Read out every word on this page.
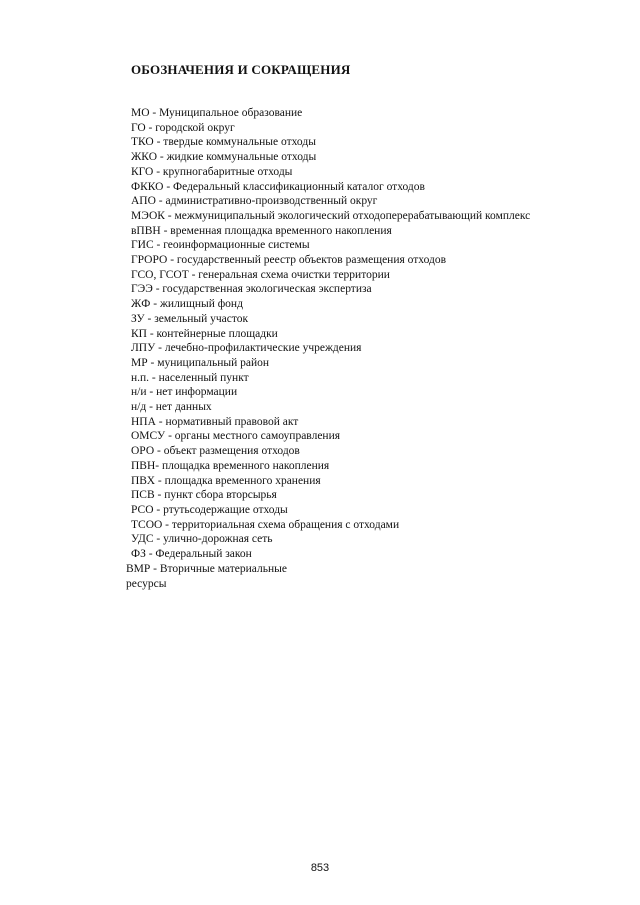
ОБОЗНАЧЕНИЯ И СОКРАЩЕНИЯ
МО - Муниципальное образование
ГО - городской округ
ТКО - твердые коммунальные отходы
ЖКО - жидкие коммунальные отходы
КГО - крупногабаритные отходы
ФККО - Федеральный классификационный каталог отходов
АПО - административно-производственный округ
МЭОК - межмуниципальный экологический отходоперерабатывающий комплекс
вПВН - временная площадка временного накопления
ГИС - геоинформационные системы
ГРОРО - государственный реестр объектов размещения отходов
ГСО, ГСОТ - генеральная схема очистки территории
ГЭЭ - государственная экологическая экспертиза
ЖФ - жилищный фонд
ЗУ - земельный участок
КП - контейнерные площадки
ЛПУ - лечебно-профилактические учреждения
МР - муниципальный район
н.п. - населенный пункт
н/и - нет информации
н/д - нет данных
НПА - нормативный правовой акт
ОМСУ - органы местного самоуправления
ОРО - объект размещения отходов
ПВН- площадка временного накопления
ПВХ - площадка временного хранения
ПСВ - пункт сбора вторсырья
РСО - ртутьсодержащие отходы
ТСОО - территориальная схема обращения с отходами
УДС - улично-дорожная сеть
ФЗ - Федеральный закон
ВМР - Вторичные материальные
ресурсы
853
